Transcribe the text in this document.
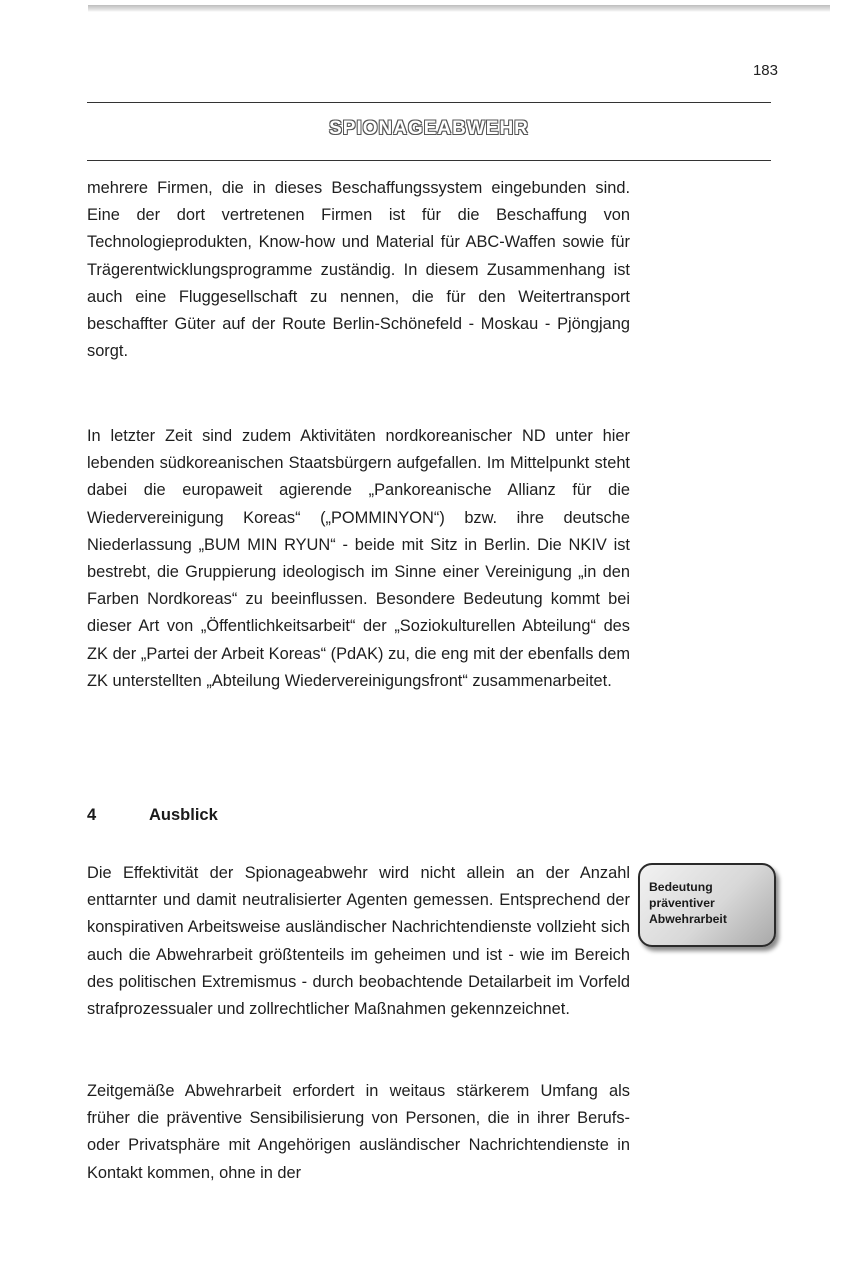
183
SPIONAGEABWEHR

mehrere Firmen, die in dieses Beschaffungssystem eingebunden sind. Eine der dort vertretenen Firmen ist für die Beschaffung von Technologieprodukten, Know-how und Material für ABC-Waffen sowie für Trägerentwicklungsprogramme zuständig. In diesem Zusammenhang ist auch eine Fluggesellschaft zu nennen, die für den Weitertransport beschaffter Güter auf der Route Berlin-Schönefeld - Moskau - Pjöngjang sorgt.

In letzter Zeit sind zudem Aktivitäten nordkoreanischer ND unter hier lebenden südkoreanischen Staatsbürgern aufgefallen. Im Mittelpunkt steht dabei die europaweit agierende „Pankoreanische Allianz für die Wiedervereinigung Koreas“ („POMMINYON“) bzw. ihre deutsche Niederlassung „BUM MIN RYUN“ - beide mit Sitz in Berlin. Die NKIV ist bestrebt, die Gruppierung ideologisch im Sinne einer Vereinigung „in den Farben Nordkoreas“ zu beeinflussen. Besondere Bedeutung kommt bei dieser Art von „Öffentlichkeitsarbeit“ der „Soziokulturellen Abteilung“ des ZK der „Partei der Arbeit Koreas“ (PdAK) zu, die eng mit der ebenfalls dem ZK unterstellten „Abteilung Wiedervereinigungsfront“ zusammenarbeitet.

4	Ausblick

Die Effektivität der Spionageabwehr wird nicht allein an der Anzahl enttarnter und damit neutralisierter Agenten gemessen. Entsprechend der konspirativen Arbeitsweise ausländischer Nachrichtendienste vollzieht sich auch die Abwehrarbeit größtenteils im geheimen und ist - wie im Bereich des politischen Extremismus - durch beobachtende Detailarbeit im Vorfeld strafprozessualer und zollrechtlicher Maßnahmen gekennzeichnet.

Bedeutung
präventiver
Abwehrarbeit

Zeitgemäße Abwehrarbeit erfordert in weitaus stärkerem Umfang als früher die präventive Sensibilisierung von Personen, die in ihrer Berufs- oder Privatsphäre mit Angehörigen ausländischer Nachrichtendienste in Kontakt kommen, ohne in der
